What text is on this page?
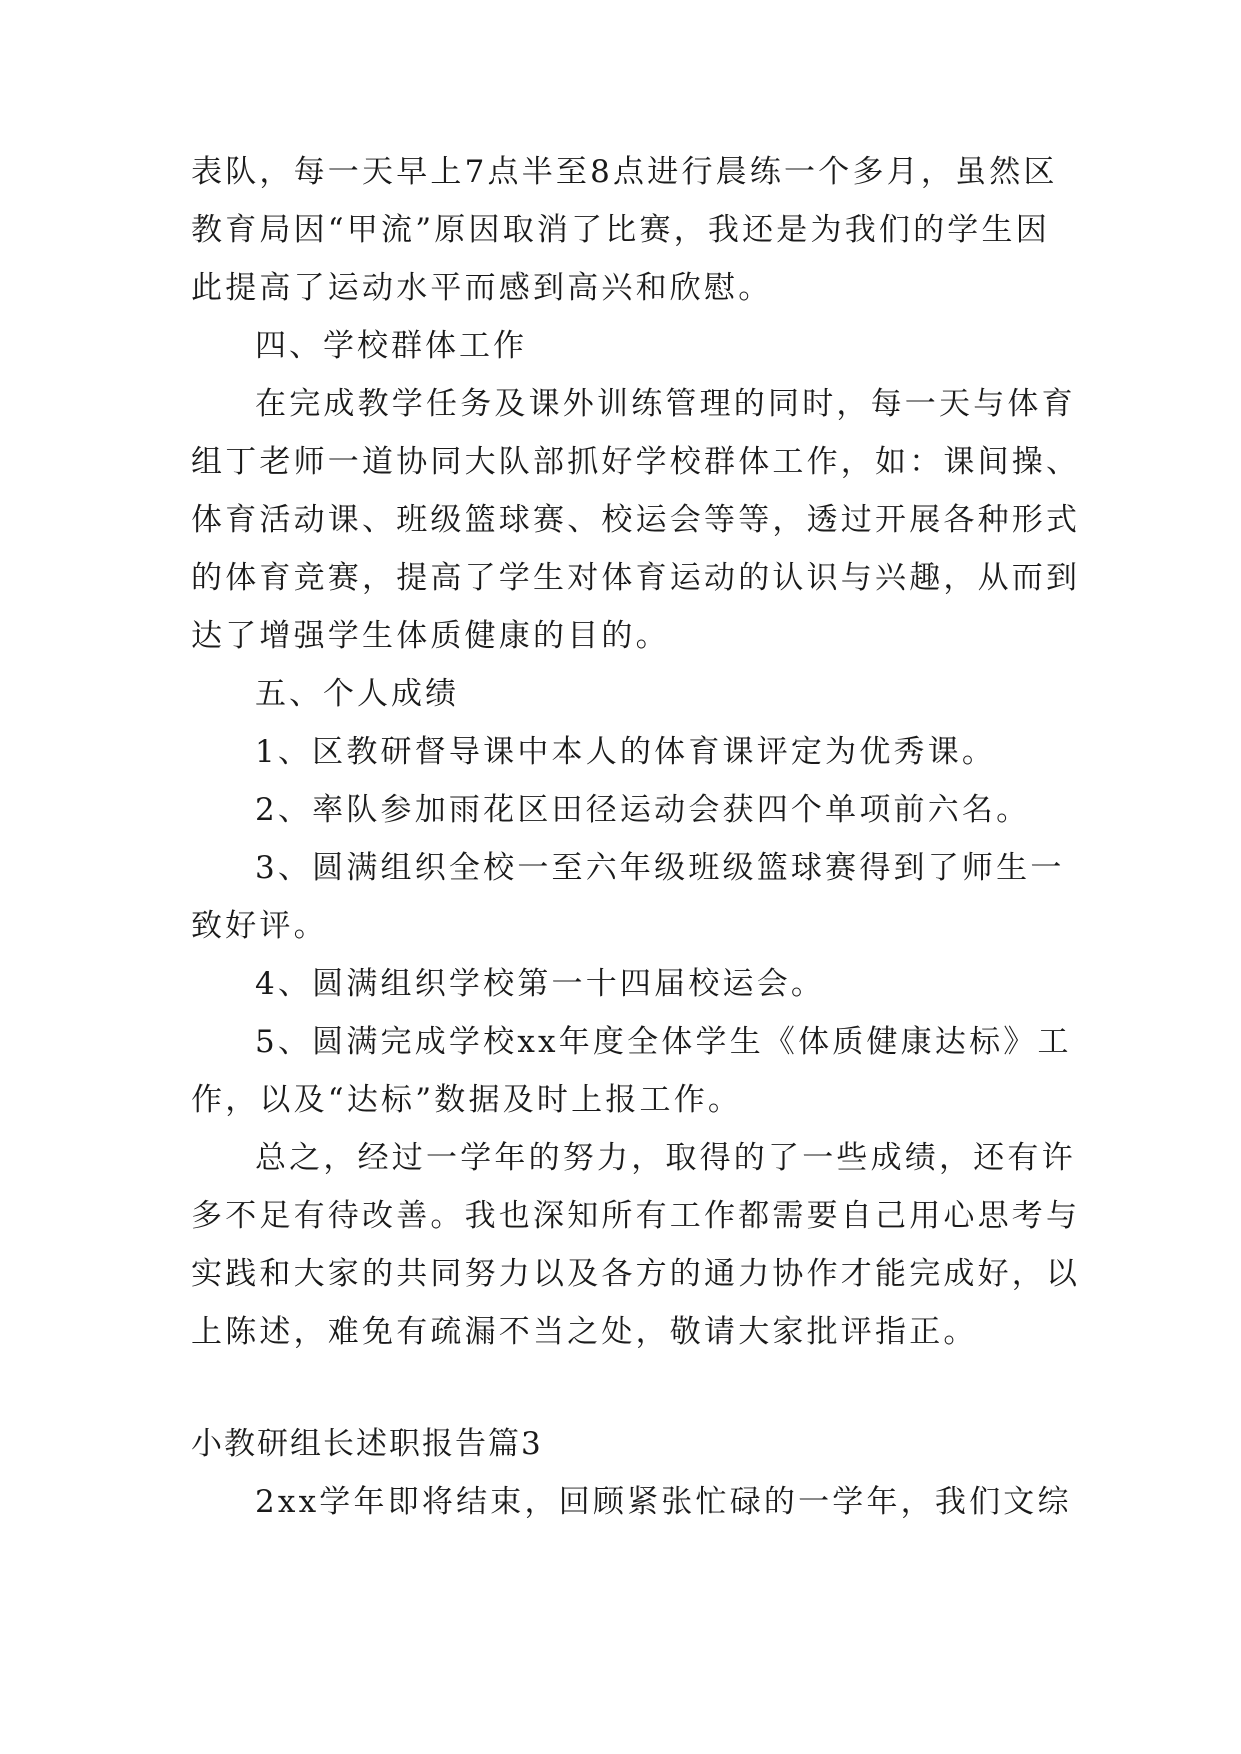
表队，每一天早上7点半至8点进行晨练一个多月，虽然区
教育局因“甲流”原因取消了比赛，我还是为我们的学生因
此提高了运动水平而感到高兴和欣慰。
四、学校群体工作
在完成教学任务及课外训练管理的同时，每一天与体育
组丁老师一道协同大队部抓好学校群体工作，如：课间操、
体育活动课、班级篮球赛、校运会等等，透过开展各种形式
的体育竞赛，提高了学生对体育运动的认识与兴趣，从而到
达了增强学生体质健康的目的。
五、个人成绩
1、区教研督导课中本人的体育课评定为优秀课。
2、率队参加雨花区田径运动会获四个单项前六名。
3、圆满组织全校一至六年级班级篮球赛得到了师生一
致好评。
4、圆满组织学校第一十四届校运会。
5、圆满完成学校xx年度全体学生《体质健康达标》工
作，以及“达标”数据及时上报工作。
总之，经过一学年的努力，取得的了一些成绩，还有许
多不足有待改善。我也深知所有工作都需要自己用心思考与
实践和大家的共同努力以及各方的通力协作才能完成好，以
上陈述，难免有疏漏不当之处，敬请大家批评指正。
小教研组长述职报告篇3
2xx学年即将结束，回顾紧张忙碌的一学年，我们文综
